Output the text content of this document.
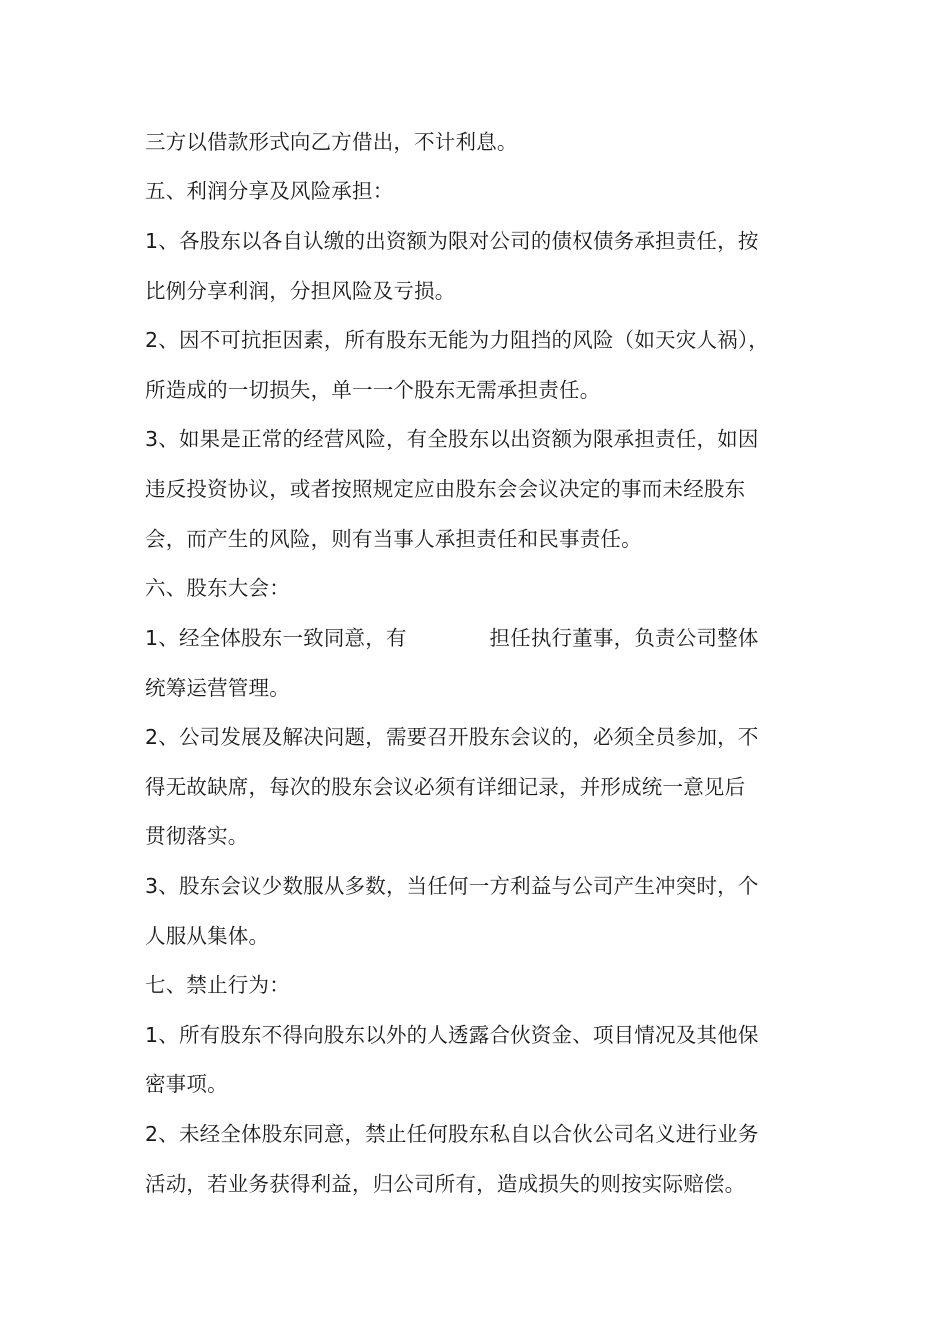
三方以借款形式向乙方借出，不计利息。

五、利润分享及风险承担：

1、各股东以各自认缴的出资额为限对公司的债权债务承担责任，按

比例分享利润，分担风险及亏损。

2、因不可抗拒因素，所有股东无能为力阻挡的风险（如天灾人祸），

所造成的一切损失，单一一个股东无需承担责任。

3、如果是正常的经营风险，有全股东以出资额为限承担责任，如因

违反投资协议，或者按照规定应由股东会会议决定的事而未经股东

会，而产生的风险，则有当事人承担责任和民事责任。

六、股东大会：

1、经全体股东一致同意，有　　　　担任执行董事，负责公司整体

统筹运营管理。

2、公司发展及解决问题，需要召开股东会议的，必须全员参加，不

得无故缺席，每次的股东会议必须有详细记录，并形成统一意见后

贯彻落实。

3、股东会议少数服从多数，当任何一方利益与公司产生冲突时，个

人服从集体。

七、禁止行为：

1、所有股东不得向股东以外的人透露合伙资金、项目情况及其他保

密事项。

2、未经全体股东同意，禁止任何股东私自以合伙公司名义进行业务

活动，若业务获得利益，归公司所有，造成损失的则按实际赔偿。
